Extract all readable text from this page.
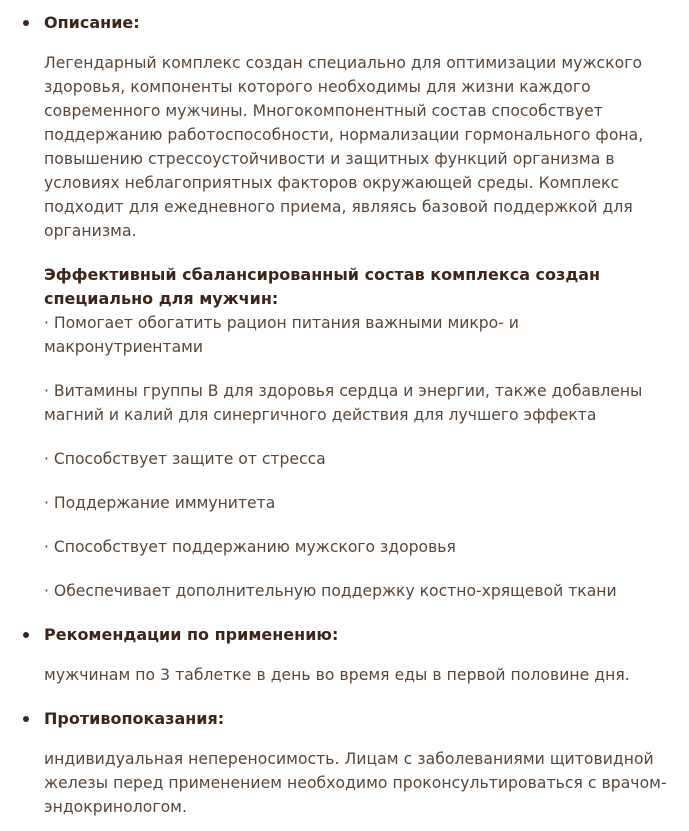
Описание:
Легендарный комплекс создан специально для оптимизации мужского здоровья, компоненты которого необходимы для жизни каждого современного мужчины. Многокомпонентный состав способствует поддержанию работоспособности, нормализации гормонального фона, повышению стрессоустойчивости и защитных функций организма в условиях неблагоприятных факторов окружающей среды. Комплекс подходит для ежедневного приема, являясь базовой поддержкой для организма.
Эффективный сбалансированный состав комплекса создан специально для мужчин:
· Помогает обогатить рацион питания важными микро- и макронутриентами
· Витамины группы В для здоровья сердца и энергии, также добавлены магний и калий для синергичного действия для лучшего эффекта
· Способствует защите от стресса
· Поддержание иммунитета
· Способствует поддержанию мужского здоровья
· Обеспечивает дополнительную поддержку костно-хрящевой ткани
Рекомендации по применению:
мужчинам по 3 таблетке в день во время еды в первой половине дня.
Противопоказания:
индивидуальная непереносимость. Лицам с заболеваниями щитовидной железы перед применением необходимо проконсультироваться с врачом-эндокринологом.
